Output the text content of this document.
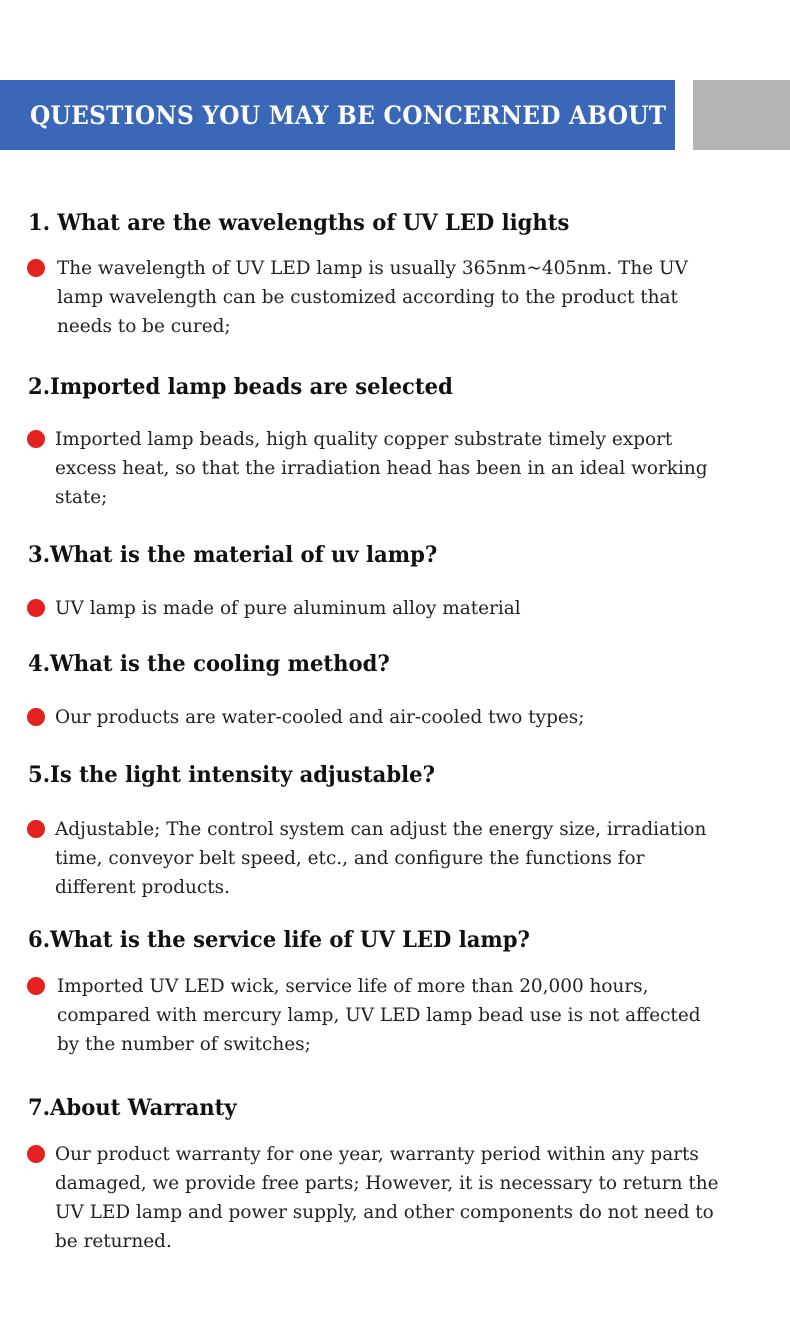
QUESTIONS YOU MAY BE CONCERNED ABOUT
1. What are the wavelengths of UV LED lights

The wavelength of UV LED lamp is usually 365nm~405nm. The UV lamp wavelength can be customized according to the product that needs to be cured;

2.Imported lamp beads are selected

Imported lamp beads, high quality copper substrate timely export excess heat, so that the irradiation head has been in an ideal working state;

3.What is the material of uv lamp?

UV lamp is made of pure aluminum alloy material

4.What is the cooling method?

Our products are water-cooled and air-cooled two types;

5.Is the light intensity adjustable?

Adjustable; The control system can adjust the energy size, irradiation time, conveyor belt speed, etc., and configure the functions for different products.

6.What is the service life of UV LED lamp?

Imported UV LED wick, service life of more than 20,000 hours, compared with mercury lamp, UV LED lamp bead use is not affected by the number of switches;

7.About Warranty

Our product warranty for one year, warranty period within any parts damaged, we provide free parts; However, it is necessary to return the UV LED lamp and power supply, and other components do not need to be returned.
